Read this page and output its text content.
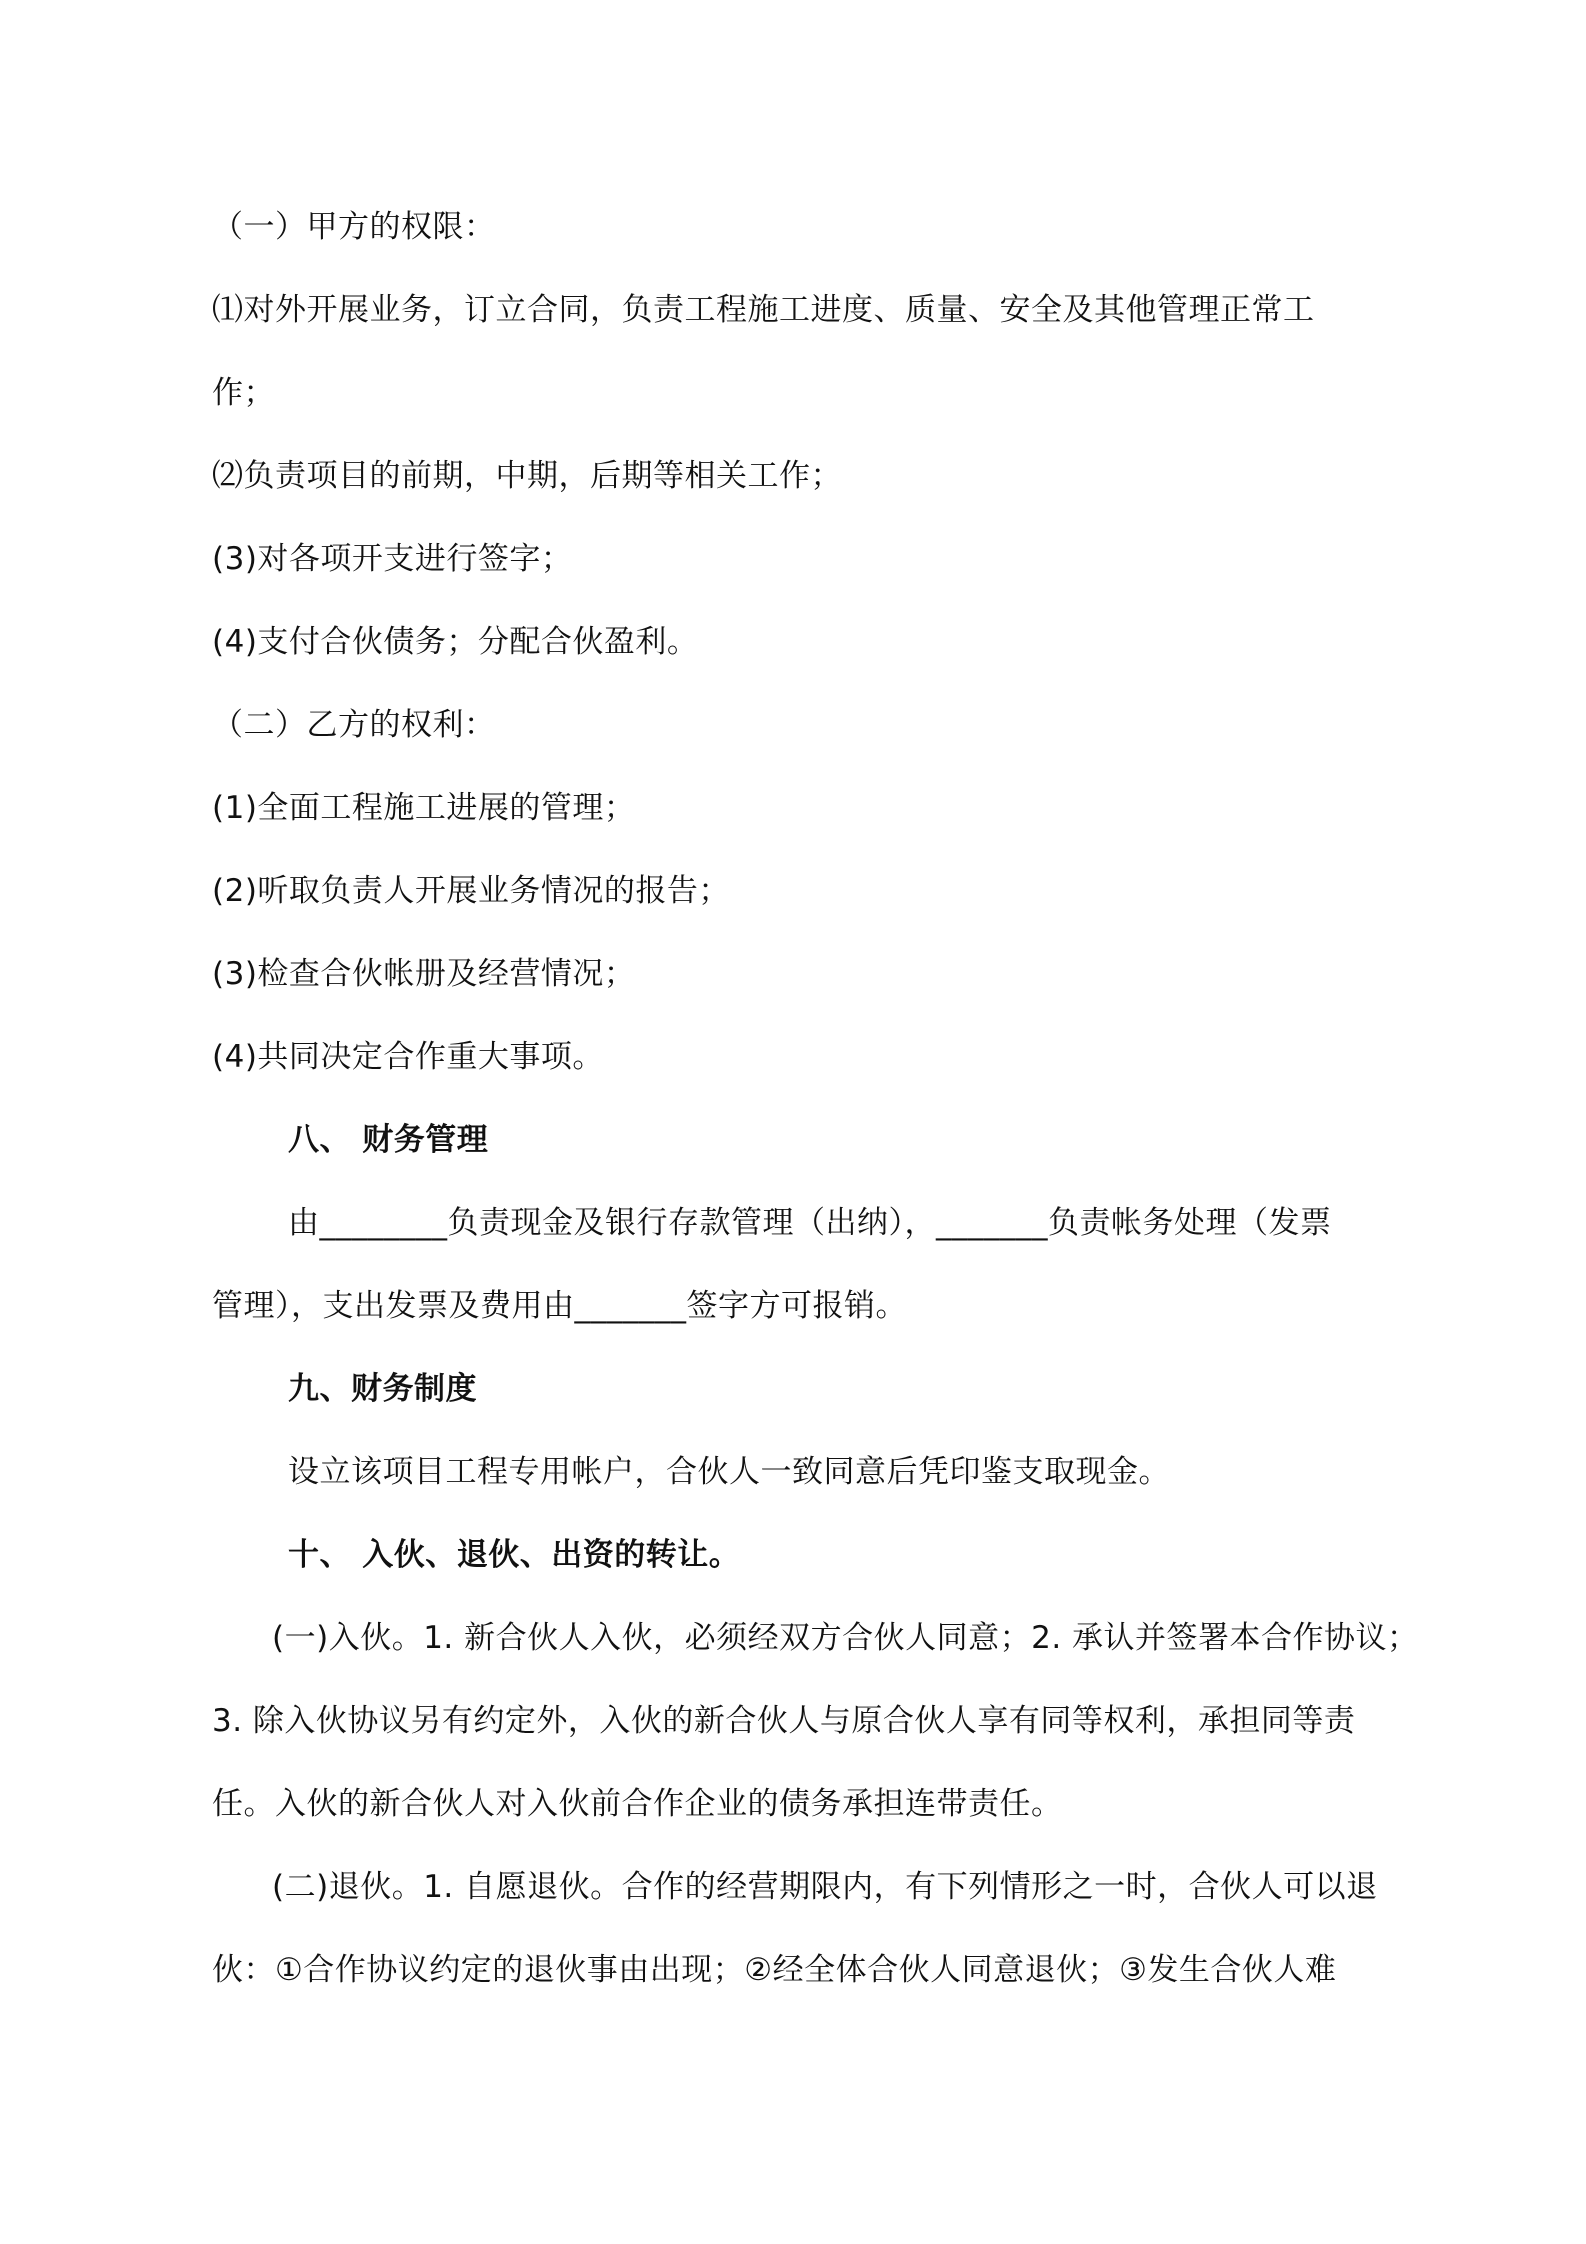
（一）甲方的权限：
⑴对外开展业务，订立合同，负责工程施工进度、质量、安全及其他管理正常工
作；
⑵负责项目的前期，中期，后期等相关工作；
(3)对各项开支进行签字；
(4)支付合伙债务；分配合伙盈利。
（二）乙方的权利：
(1)全面工程施工进展的管理；
(2)听取负责人开展业务情况的报告；
(3)检查合伙帐册及经营情况；
(4)共同决定合作重大事项。
八、 财务管理
由________负责现金及银行存款管理（出纳），_______负责帐务处理（发票
管理），支出发票及费用由_______签字方可报销。
九、财务制度
设立该项目工程专用帐户，合伙人一致同意后凭印鉴支取现金。
十、 入伙、退伙、出资的转让。
(一)入伙。1. 新合伙人入伙，必须经双方合伙人同意；2. 承认并签署本合作协议；
3. 除入伙协议另有约定外，入伙的新合伙人与原合伙人享有同等权利，承担同等责
任。入伙的新合伙人对入伙前合作企业的债务承担连带责任。
(二)退伙。1. 自愿退伙。合作的经营期限内，有下列情形之一时，合伙人可以退
伙：①合作协议约定的退伙事由出现；②经全体合伙人同意退伙；③发生合伙人难
